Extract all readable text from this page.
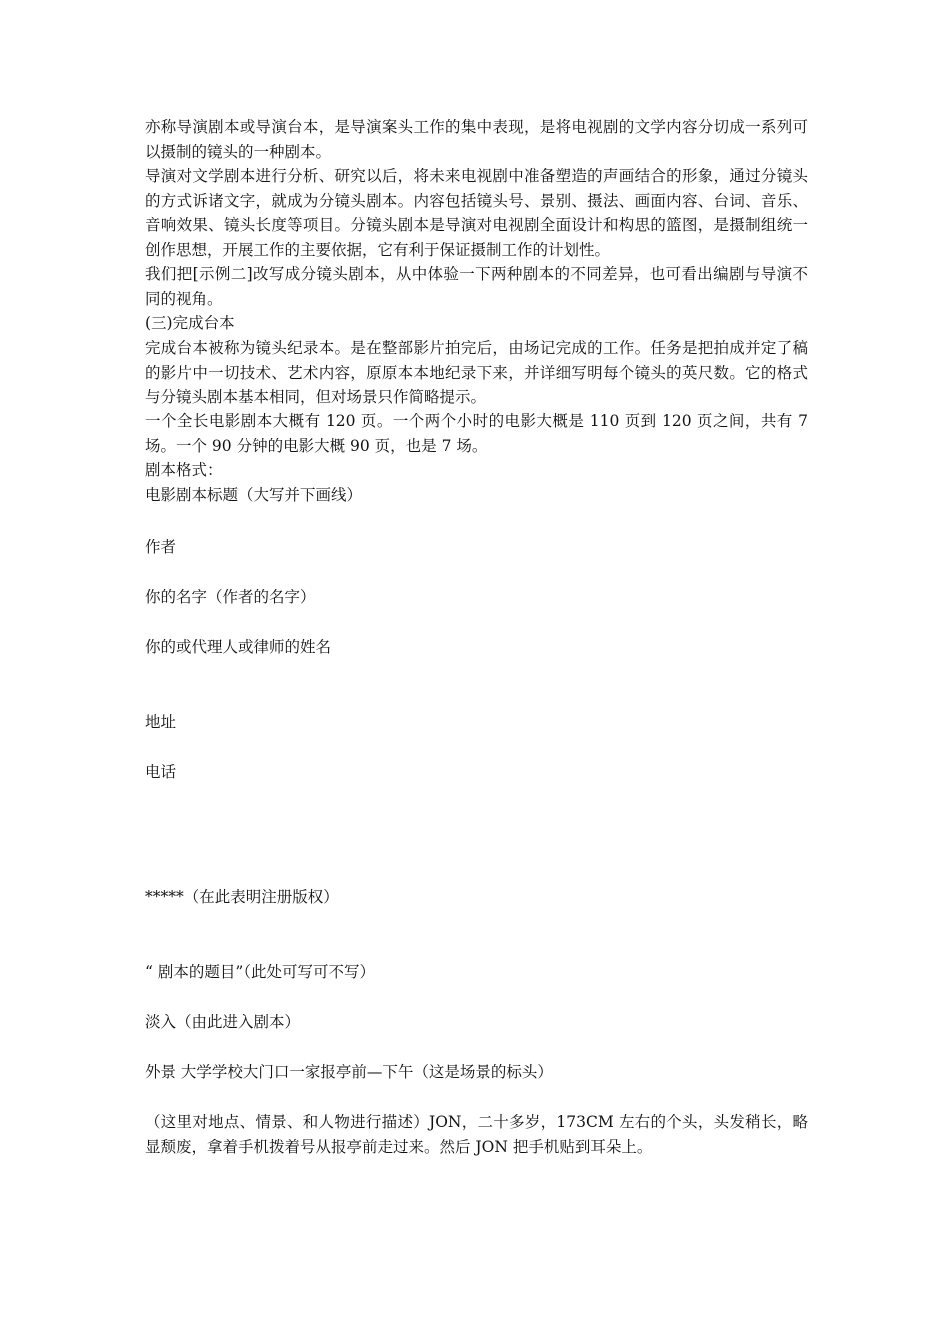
亦称导演剧本或导演台本，是导演案头工作的集中表现，是将电视剧的文学内容分切成一系列可以摄制的镜头的一种剧本。

导演对文学剧本进行分析、研究以后，将未来电视剧中准备塑造的声画结合的形象，通过分镜头的方式诉诸文字，就成为分镜头剧本。内容包括镜头号、景别、摄法、画面内容、台词、音乐、音响效果、镜头长度等项目。分镜头剧本是导演对电视剧全面设计和构思的篮图，是摄制组统一创作思想，开展工作的主要依据，它有利于保证摄制工作的计划性。

我们把[示例二]改写成分镜头剧本，从中体验一下两种剧本的不同差异，也可看出编剧与导演不同的视角。

(三)完成台本

完成台本被称为镜头纪录本。是在整部影片拍完后，由场记完成的工作。任务是把拍成并定了稿的影片中一切技术、艺术内容，原原本本地纪录下来，并详细写明每个镜头的英尺数。它的格式与分镜头剧本基本相同，但对场景只作简略提示。

一个全长电影剧本大概有 120 页。一个两个小时的电影大概是 110 页到 120 页之间，共有 7 场。一个 90 分钟的电影大概 90 页，也是 7 场。

剧本格式：

电影剧本标题（大写并下画线）

作者

你的名字（作者的名字）

你的或代理人或律师的姓名

地址

电话

*****（在此表明注册版权）

“ 剧本的题目”（此处可写可不写）

淡入（由此进入剧本）

外景 大学学校大门口一家报亭前—下午（这是场景的标头）

（这里对地点、情景、和人物进行描述）JON，二十多岁，173CM 左右的个头，头发稍长，略显颓废，拿着手机拨着号从报亭前走过来。然后 JON 把手机贴到耳朵上。
